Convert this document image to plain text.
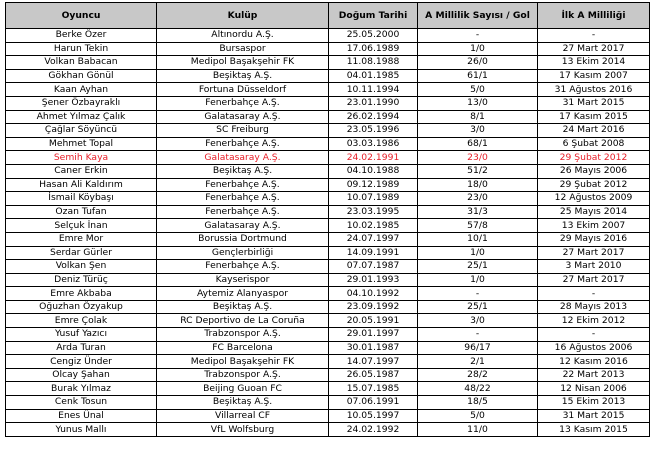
Oyuncu	Kulüp	Doğum Tarihi	A Millilik Sayısı / Gol	İlk A Milliliği
Berke Özer	Altınordu A.Ş.	25.05.2000	-	-
Harun Tekin	Bursaspor	17.06.1989	1/0	27 Mart 2017
Volkan Babacan	Medipol Başakşehir FK	11.08.1988	26/0	13 Ekim 2014
Gökhan Gönül	Beşiktaş A.Ş.	04.01.1985	61/1	17 Kasım 2007
Kaan Ayhan	Fortuna Düsseldorf	10.11.1994	5/0	31 Ağustos 2016
Şener Özbayraklı	Fenerbahçe A.Ş.	23.01.1990	13/0	31 Mart 2015
Ahmet Yılmaz Çalık	Galatasaray A.Ş.	26.02.1994	8/1	17 Kasım 2015
Çağlar Söyüncü	SC Freiburg	23.05.1996	3/0	24 Mart 2016
Mehmet Topal	Fenerbahçe A.Ş.	03.03.1986	68/1	6 Şubat 2008
Semih Kaya	Galatasaray A.Ş.	24.02.1991	23/0	29 Şubat 2012
Caner Erkin	Beşiktaş A.Ş.	04.10.1988	51/2	26 Mayıs 2006
Hasan Ali Kaldırım	Fenerbahçe A.Ş.	09.12.1989	18/0	29 Şubat 2012
İsmail Köybaşı	Fenerbahçe A.Ş.	10.07.1989	23/0	12 Ağustos 2009
Ozan Tufan	Fenerbahçe A.Ş.	23.03.1995	31/3	25 Mayıs 2014
Selçuk İnan	Galatasaray A.Ş.	10.02.1985	57/8	13 Ekim 2007
Emre Mor	Borussia Dortmund	24.07.1997	10/1	29 Mayıs 2016
Serdar Gürler	Gençlerbirliği	14.09.1991	1/0	27 Mart 2017
Volkan Şen	Fenerbahçe A.Ş.	07.07.1987	25/1	3 Mart 2010
Deniz Türüç	Kayserispor	29.01.1993	1/0	27 Mart 2017
Emre Akbaba	Aytemiz Alanyaspor	04.10.1992	-	-
Oğuzhan Özyakup	Beşiktaş A.Ş.	23.09.1992	25/1	28 Mayıs 2013
Emre Çolak	RC Deportivo de La Coruña	20.05.1991	3/0	12 Ekim 2012
Yusuf Yazıcı	Trabzonspor A.Ş.	29.01.1997	-	-
Arda Turan	FC Barcelona	30.01.1987	96/17	16 Ağustos 2006
Cengiz Ünder	Medipol Başakşehir FK	14.07.1997	2/1	12 Kasım 2016
Olcay Şahan	Trabzonspor A.Ş.	26.05.1987	28/2	22 Mart 2013
Burak Yılmaz	Beijing Guoan FC	15.07.1985	48/22	12 Nisan 2006
Cenk Tosun	Beşiktaş A.Ş.	07.06.1991	18/5	15 Ekim 2013
Enes Ünal	Villarreal CF	10.05.1997	5/0	31 Mart 2015
Yunus Mallı	VfL Wolfsburg	24.02.1992	11/0	13 Kasım 2015
